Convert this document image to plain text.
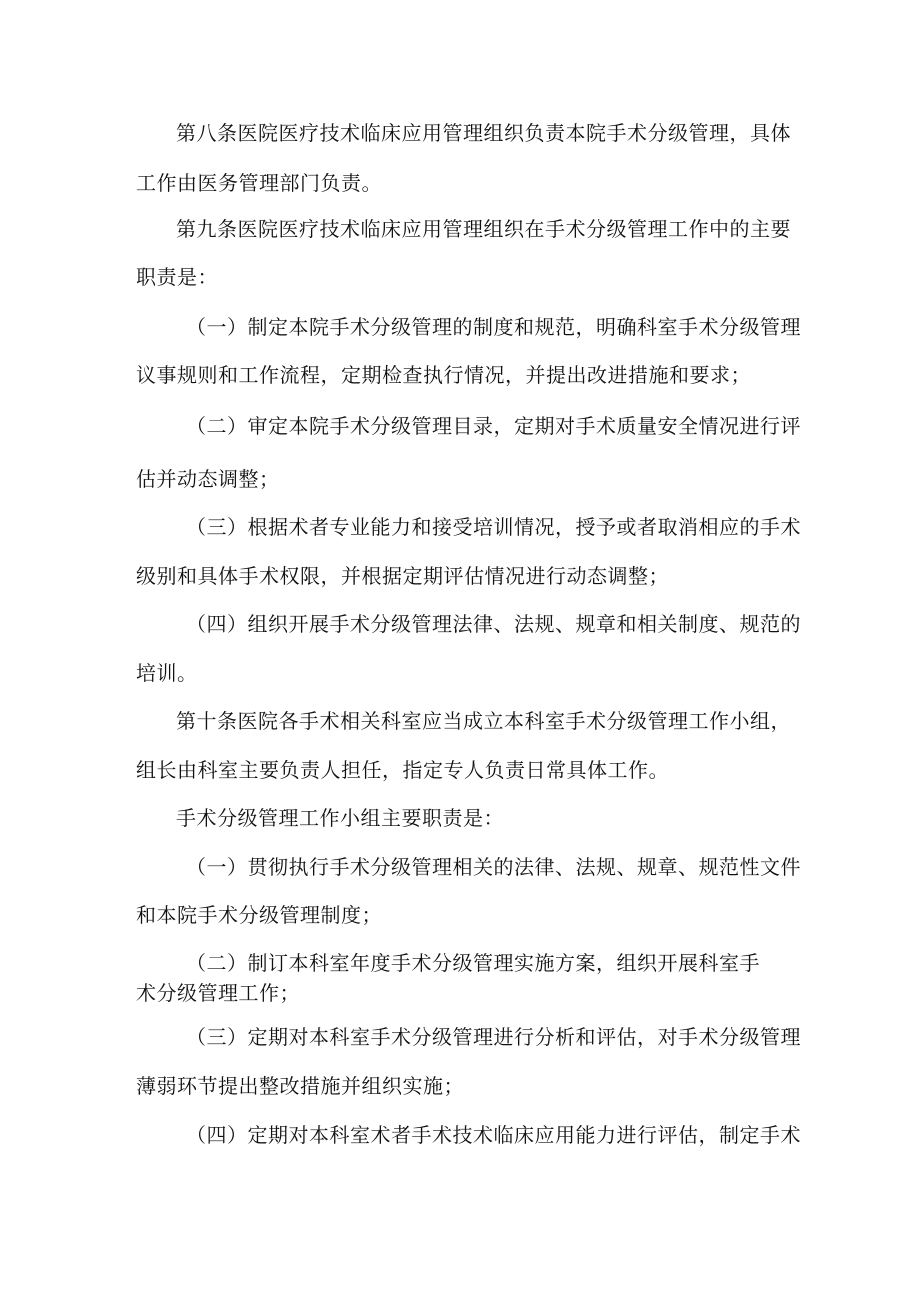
第八条医院医疗技术临床应用管理组织负责本院手术分级管理，具体
工作由医务管理部门负责。
第九条医院医疗技术临床应用管理组织在手术分级管理工作中的主要
职责是：
（一）制定本院手术分级管理的制度和规范，明确科室手术分级管理
议事规则和工作流程，定期检查执行情况，并提出改进措施和要求；
（二）审定本院手术分级管理目录，定期对手术质量安全情况进行评
估并动态调整；
（三）根据术者专业能力和接受培训情况，授予或者取消相应的手术
级别和具体手术权限，并根据定期评估情况进行动态调整；
（四）组织开展手术分级管理法律、法规、规章和相关制度、规范的
培训。
第十条医院各手术相关科室应当成立本科室手术分级管理工作小组，
组长由科室主要负责人担任，指定专人负责日常具体工作。
手术分级管理工作小组主要职责是：
（一）贯彻执行手术分级管理相关的法律、法规、规章、规范性文件
和本院手术分级管理制度；
（二）制订本科室年度手术分级管理实施方案，组织开展科室手
术分级管理工作；
（三）定期对本科室手术分级管理进行分析和评估，对手术分级管理
薄弱环节提出整改措施并组织实施；
（四）定期对本科室术者手术技术临床应用能力进行评估，制定手术
